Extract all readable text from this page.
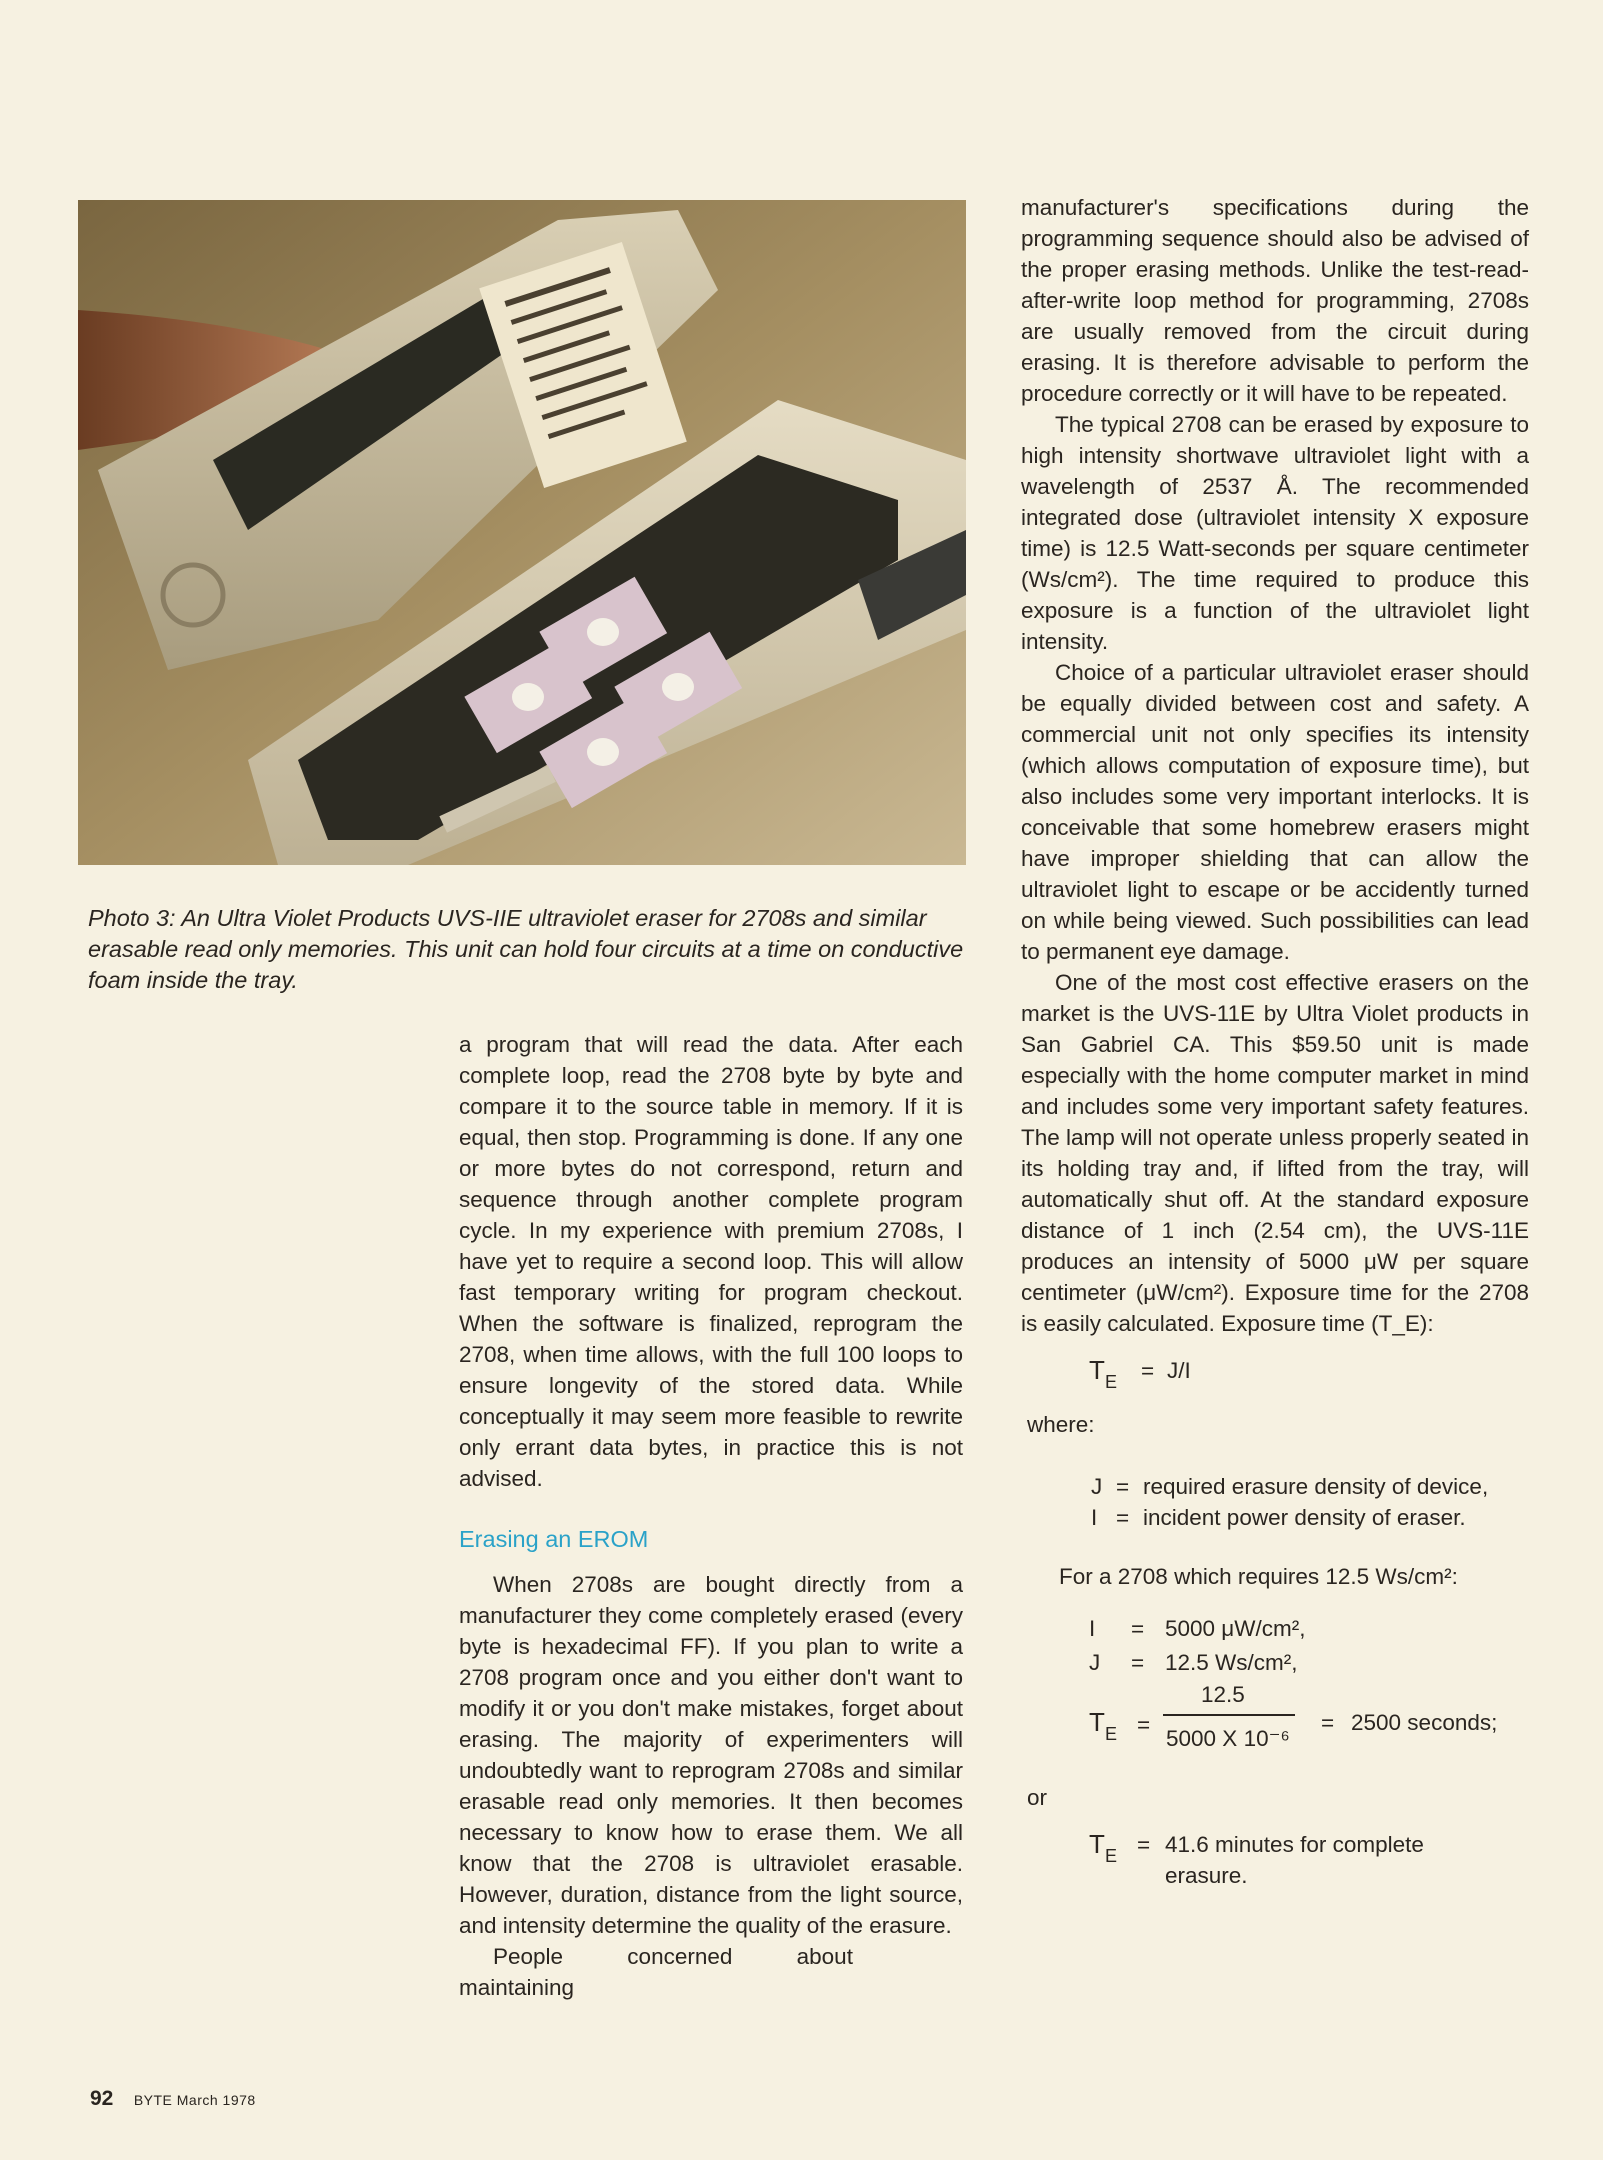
Photo 3: An Ultra Violet Products UVS-IIE ultraviolet eraser for 2708s and similar erasable read only memories. This unit can hold four circuits at a time on conductive foam inside the tray.

a program that will read the data. After each complete loop, read the 2708 byte by byte and compare it to the source table in memory. If it is equal, then stop. Programming is done. If any one or more bytes do not correspond, return and sequence through another complete program cycle. In my experience with premium 2708s, I have yet to require a second loop. This will allow fast temporary writing for program checkout. When the software is finalized, reprogram the 2708, when time allows, with the full 100 loops to ensure longevity of the stored data. While conceptually it may seem more feasible to rewrite only errant data bytes, in practice this is not advised.

Erasing an EROM

When 2708s are bought directly from a manufacturer they come completely erased (every byte is hexadecimal FF). If you plan to write a 2708 program once and you either don't want to modify it or you don't make mistakes, forget about erasing. The majority of experimenters will undoubtedly want to reprogram 2708s and similar erasable read only memories. It then becomes necessary to know how to erase them. We all know that the 2708 is ultraviolet erasable. However, duration, distance from the light source, and intensity determine the quality of the erasure.

People concerned about maintaining

manufacturer's specifications during the programming sequence should also be advised of the proper erasing methods. Unlike the test-read-after-write loop method for programming, 2708s are usually removed from the circuit during erasing. It is therefore advisable to perform the procedure correctly or it will have to be repeated.

The typical 2708 can be erased by exposure to high intensity shortwave ultraviolet light with a wavelength of 2537 Å. The recommended integrated dose (ultraviolet intensity X exposure time) is 12.5 Watt-seconds per square centimeter (Ws/cm²). The time required to produce this exposure is a function of the ultraviolet light intensity.

Choice of a particular ultraviolet eraser should be equally divided between cost and safety. A commercial unit not only specifies its intensity (which allows computation of exposure time), but also includes some very important interlocks. It is conceivable that some homebrew erasers might have improper shielding that can allow the ultraviolet light to escape or be accidently turned on while being viewed. Such possibilities can lead to permanent eye damage.

One of the most cost effective erasers on the market is the UVS-11E by Ultra Violet products in San Gabriel CA. This $59.50 unit is made especially with the home computer market in mind and includes some very important safety features. The lamp will not operate unless properly seated in its holding tray and, if lifted from the tray, will automatically shut off. At the standard exposure distance of 1 inch (2.54 cm), the UVS-11E produces an intensity of 5000 μW per square centimeter (μW/cm²). Exposure time for the 2708 is easily calculated. Exposure time (T_E):

T E = J/I
where:
J = required erasure density of device,
I = incident power density of eraser.
For a 2708 which requires 12.5 Ws/cm²:
I = 5000 μW/cm²,
J = 12.5 Ws/cm²,
T E =
12.5
5000 X 10⁻⁶
= 2500 seconds;
or
T E = 41.6 minutes for complete
erasure.
92 BYTE March 1978
